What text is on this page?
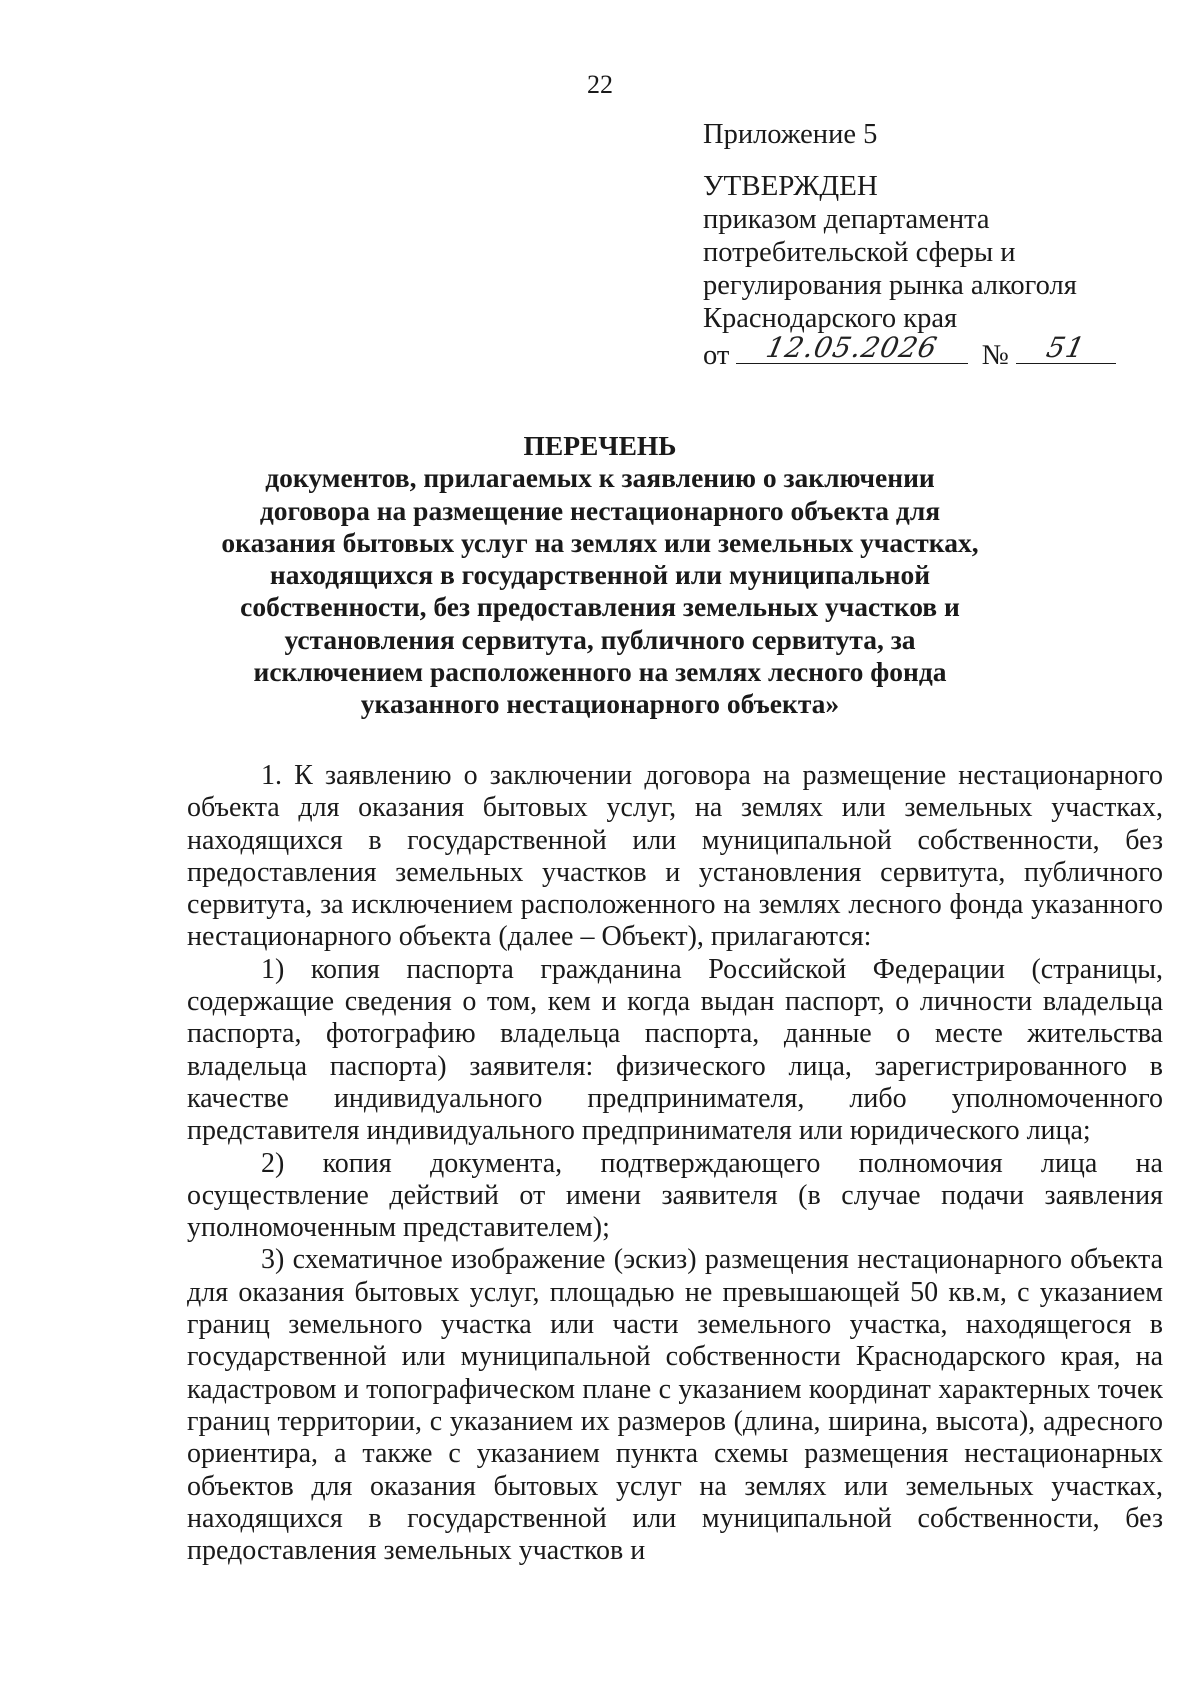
22

Приложение 5

УТВЕРЖДЕН

приказом департамента

потребительской сферы и

регулирования рынка алкоголя

Краснодарского края

от	12.05.2026	№	51

ПЕРЕЧЕНЬ
документов, прилагаемых к заявлению о заключении
договора на размещение нестационарного объекта для
оказания бытовых услуг на землях или земельных участках,
находящихся в государственной или муниципальной
собственности, без предоставления земельных участков и
установления сервитута, публичного сервитута, за
исключением расположенного на землях лесного фонда
указанного нестационарного объекта»

1. К заявлению о заключении договора на размещение нестационарного объекта для оказания бытовых услуг, на землях или земельных участках, находящихся в государственной или муниципальной собственности, без предоставления земельных участков и установления сервитута, публичного сервитута, за исключением расположенного на землях лесного фонда указанного нестационарного объекта (далее – Объект), прилагаются:

1) копия паспорта гражданина Российской Федерации (страницы, содержащие сведения о том, кем и когда выдан паспорт, о личности владельца паспорта, фотографию владельца паспорта, данные о месте жительства владельца паспорта) заявителя: физического лица, зарегистрированного в качестве индивидуального предпринимателя, либо уполномоченного представителя индивидуального предпринимателя или юридического лица;

2) копия документа, подтверждающего полномочия лица на осуществление действий от имени заявителя (в случае подачи заявления уполномоченным представителем);

3) схематичное изображение (эскиз) размещения нестационарного объекта для оказания бытовых услуг, площадью не превышающей 50 кв.м, с указанием границ земельного участка или части земельного участка, находящегося в государственной или муниципальной собственности Краснодарского края, на кадастровом и топографическом плане с указанием координат характерных точек границ территории, с указанием их размеров (длина, ширина, высота), адресного ориентира, а также с указанием пункта схемы размещения нестационарных объектов для оказания бытовых услуг на землях или земельных участках, находящихся в государственной или муниципальной собственности, без предоставления земельных участков и
